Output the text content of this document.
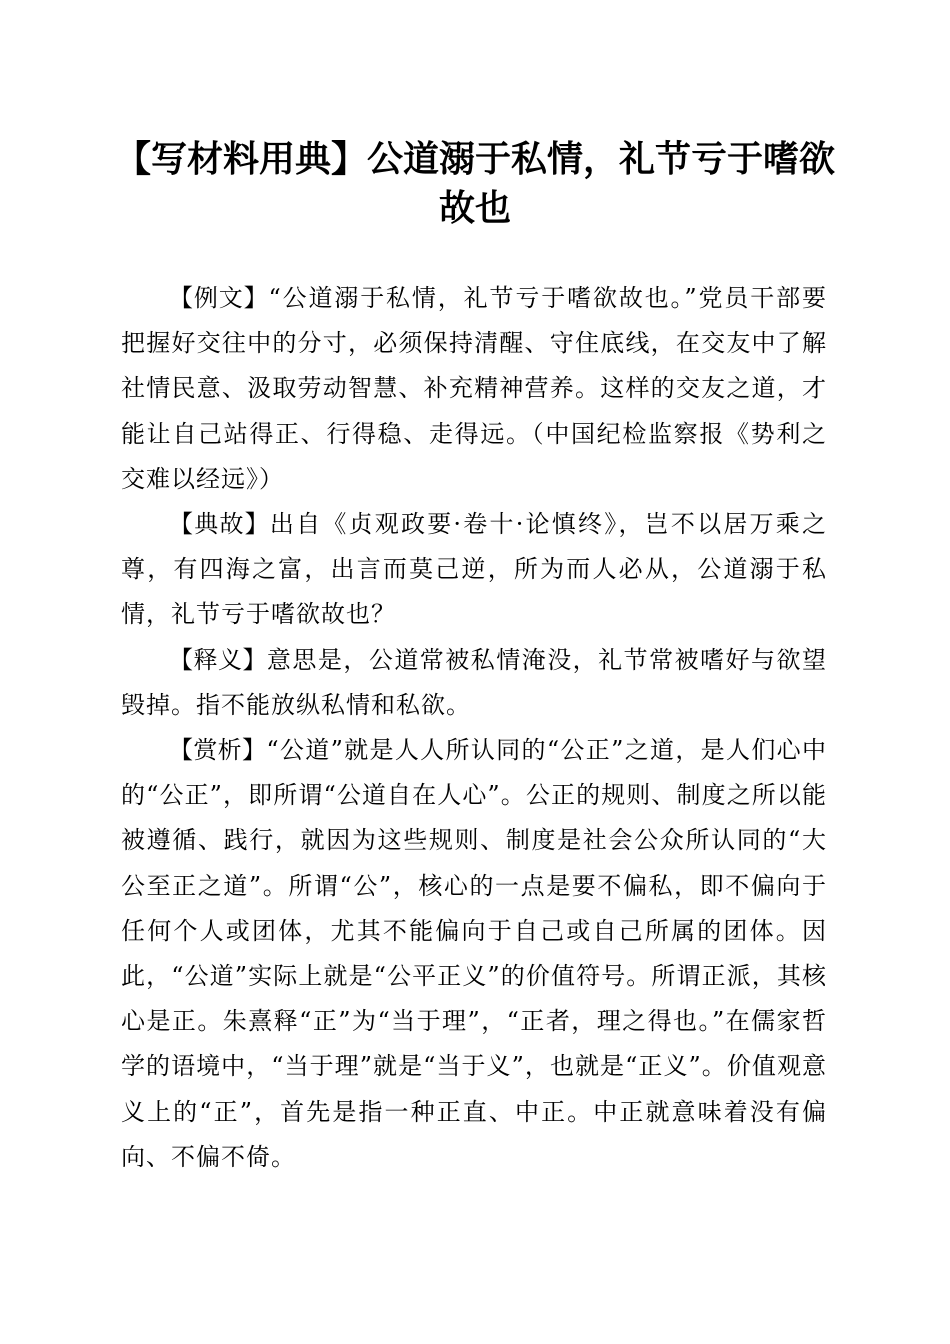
【写材料用典】公道溺于私情，礼节亏于嗜欲故也

【例文】“公道溺于私情，礼节亏于嗜欲故也。”党员干部要把握好交往中的分寸，必须保持清醒、守住底线，在交友中了解社情民意、汲取劳动智慧、补充精神营养。这样的交友之道，才能让自己站得正、行得稳、走得远。（中国纪检监察报《势利之交难以经远》）

【典故】出自《贞观政要·卷十·论慎终》，岂不以居万乘之尊，有四海之富，出言而莫己逆，所为而人必从，公道溺于私情，礼节亏于嗜欲故也？

【释义】意思是，公道常被私情淹没，礼节常被嗜好与欲望毁掉。指不能放纵私情和私欲。

【赏析】“公道”就是人人所认同的“公正”之道，是人们心中的“公正”，即所谓“公道自在人心”。公正的规则、制度之所以能被遵循、践行，就因为这些规则、制度是社会公众所认同的“大公至正之道”。所谓“公”，核心的一点是要不偏私，即不偏向于任何个人或团体，尤其不能偏向于自己或自己所属的团体。因此，“公道”实际上就是“公平正义”的价值符号。所谓正派，其核心是正。朱熹释“正”为“当于理”，“正者，理之得也。”在儒家哲学的语境中，“当于理”就是“当于义”，也就是“正义”。价值观意义上的“正”，首先是指一种正直、中正。中正就意味着没有偏向、不偏不倚。
